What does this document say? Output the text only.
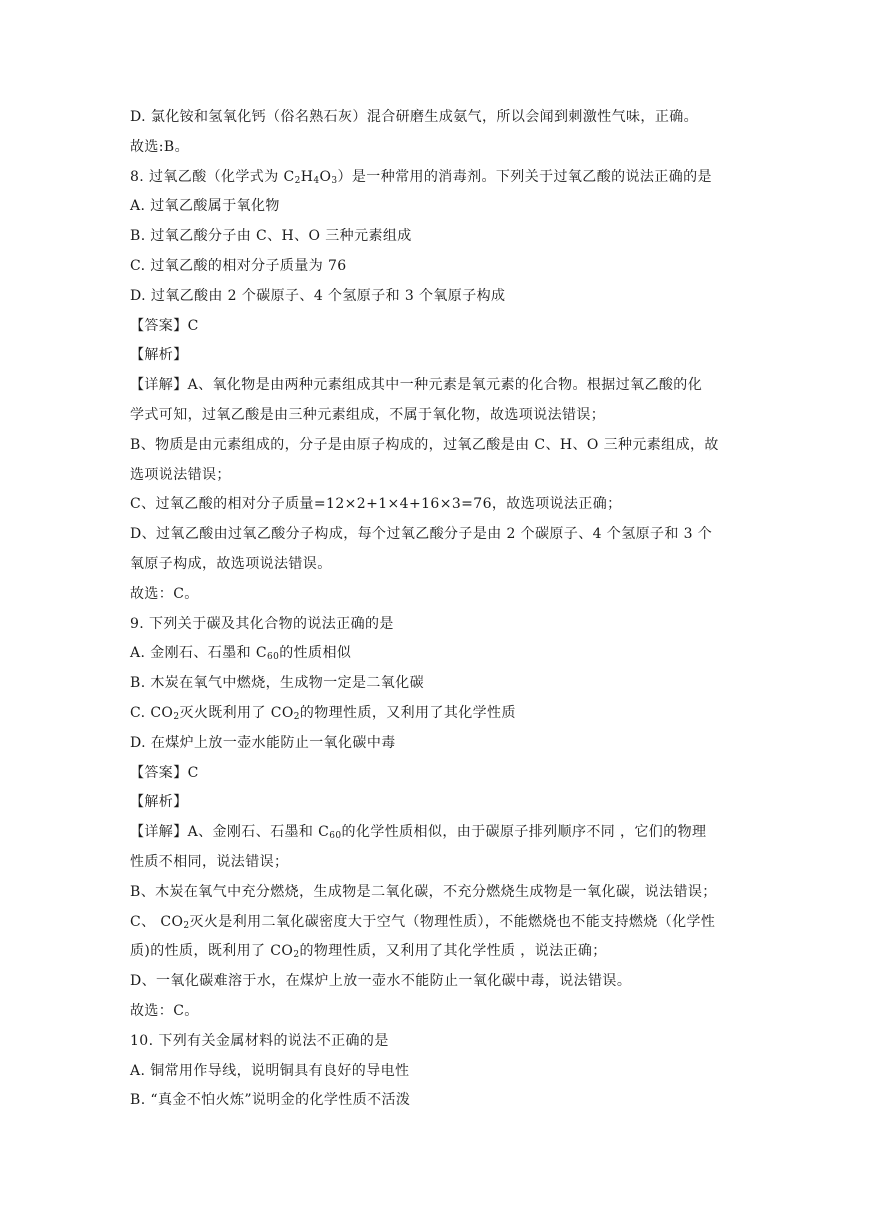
D. 氯化铵和氢氧化钙（俗名熟石灰）混合研磨生成氨气，所以会闻到刺激性气味，正确。
故选:B。
8. 过氧乙酸（化学式为 $C_2H_4O_3$）是一种常用的消毒剂。下列关于过氧乙酸的说法正确的是
A. 过氧乙酸属于氧化物
B. 过氧乙酸分子由 C、H、O 三种元素组成
C. 过氧乙酸的相对分子质量为 76
D. 过氧乙酸由 2 个碳原子、4 个氢原子和 3 个氧原子构成
【答案】C
【解析】
【详解】A、氧化物是由两种元素组成其中一种元素是氧元素的化合物。根据过氧乙酸的化
学式可知，过氧乙酸是由三种元素组成，不属于氧化物，故选项说法错误；
B、物质是由元素组成的，分子是由原子构成的，过氧乙酸是由 C、H、O 三种元素组成，故
选项说法错误；
C、过氧乙酸的相对分子质量=12×2+1×4+16×3=76，故选项说法正确；
D、过氧乙酸由过氧乙酸分子构成，每个过氧乙酸分子是由 2 个碳原子、4 个氢原子和 3 个
氧原子构成，故选项说法错误。
故选：C。
9. 下列关于碳及其化合物的说法正确的是
A. 金刚石、石墨和 $C_{60}$的性质相似
B. 木炭在氧气中燃烧，生成物一定是二氧化碳
C. $CO_2$灭火既利用了 $CO_2$的物理性质，又利用了其化学性质
D. 在煤炉上放一壶水能防止一氧化碳中毒
【答案】C
【解析】
【详解】A、金刚石、石墨和 $C_{60}$的化学性质相似，由于碳原子排列顺序不同 ，它们的物理
性质不相同，说法错误；
B、木炭在氧气中充分燃烧，生成物是二氧化碳，不充分燃烧生成物是一氧化碳，说法错误；
C、 $CO_2$灭火是利用二氧化碳密度大于空气（物理性质），不能燃烧也不能支持燃烧（化学性
质)的性质，既利用了 $CO_2$的物理性质，又利用了其化学性质 ，说法正确；
D、一氧化碳难溶于水，在煤炉上放一壶水不能防止一氧化碳中毒，说法错误。
故选：C。
10. 下列有关金属材料的说法不正确的是
A. 铜常用作导线，说明铜具有良好的导电性
B. “真金不怕火炼”说明金的化学性质不活泼
